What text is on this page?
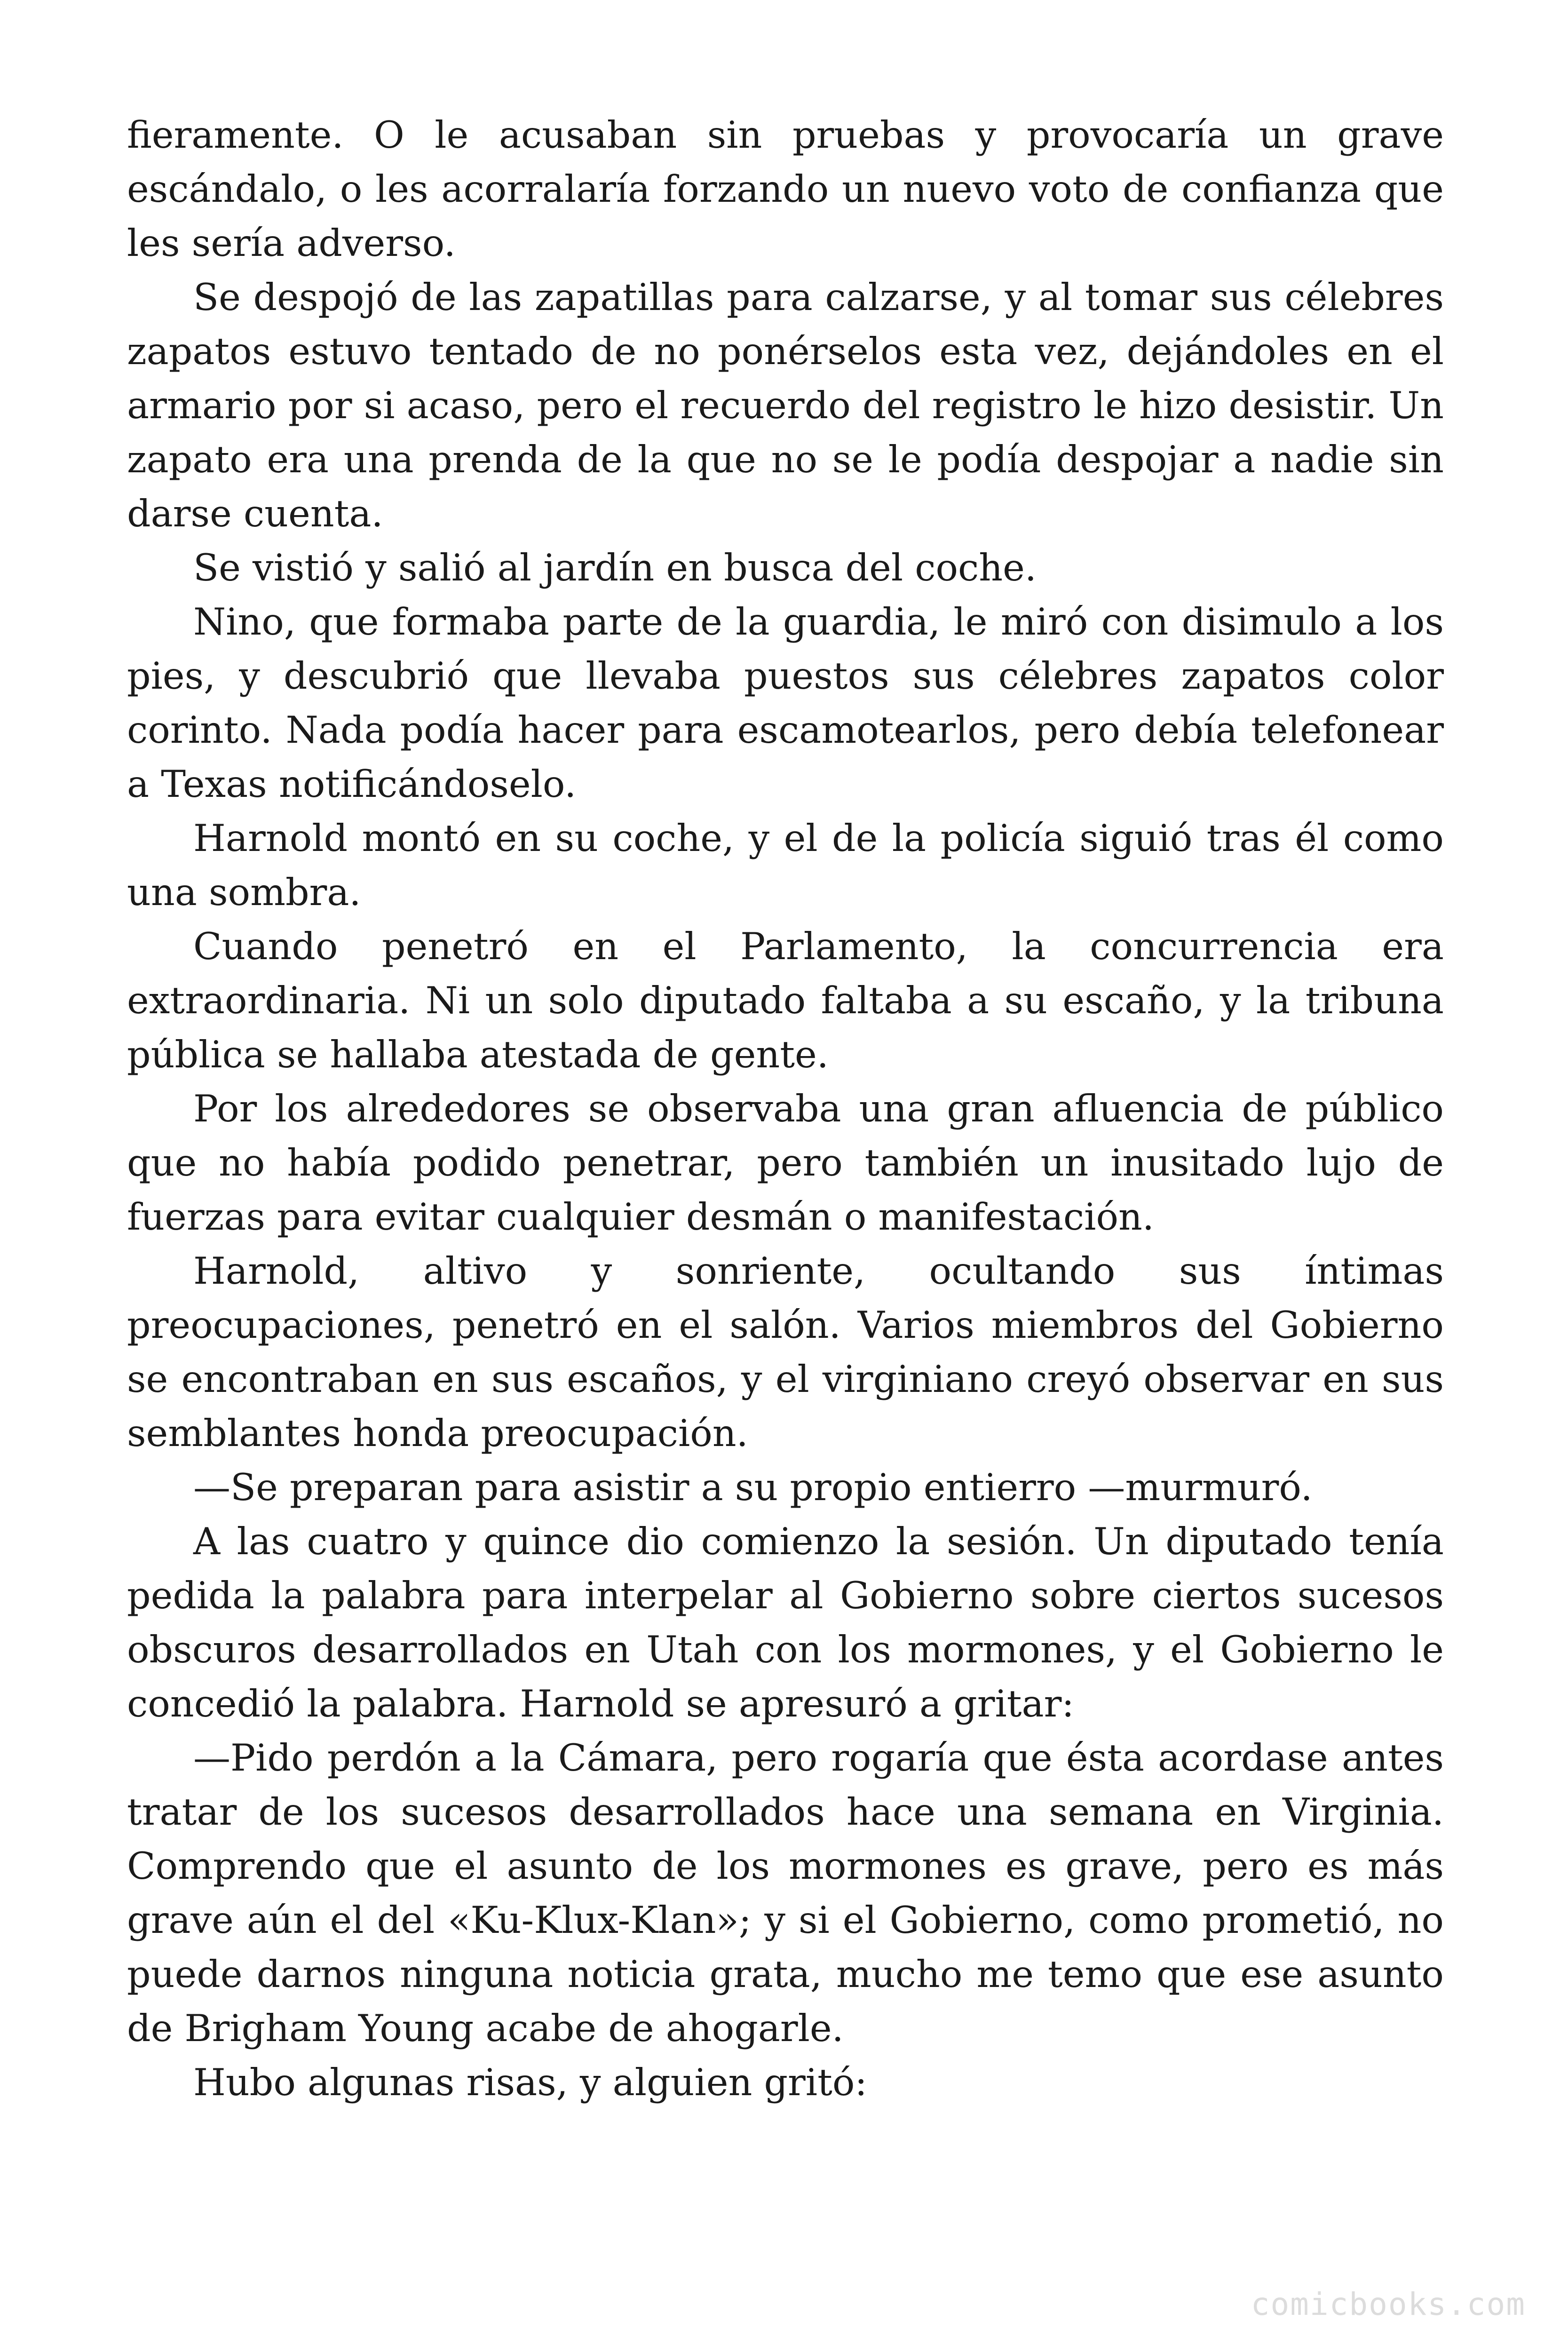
fieramente. O le acusaban sin pruebas y provocaría un grave escándalo, o les acorralaría forzando un nuevo voto de confianza que les sería adverso.

Se despojó de las zapatillas para calzarse, y al tomar sus célebres zapatos estuvo tentado de no ponérselos esta vez, dejándoles en el armario por si acaso, pero el recuerdo del registro le hizo desistir. Un zapato era una prenda de la que no se le podía despojar a nadie sin darse cuenta.

Se vistió y salió al jardín en busca del coche.

Nino, que formaba parte de la guardia, le miró con disimulo a los pies, y descubrió que llevaba puestos sus célebres zapatos color corinto. Nada podía hacer para escamotearlos, pero debía telefonear a Texas notificándoselo.

Harnold montó en su coche, y el de la policía siguió tras él como una sombra.

Cuando penetró en el Parlamento, la concurrencia era extraordinaria. Ni un solo diputado faltaba a su escaño, y la tribuna pública se hallaba atestada de gente.

Por los alrededores se observaba una gran afluencia de público que no había podido penetrar, pero también un inusitado lujo de fuerzas para evitar cualquier desmán o manifestación.

Harnold, altivo y sonriente, ocultando sus íntimas preocupaciones, penetró en el salón. Varios miembros del Gobierno se encontraban en sus escaños, y el virginiano creyó observar en sus semblantes honda preocupación.

—Se preparan para asistir a su propio entierro —murmuró.

A las cuatro y quince dio comienzo la sesión. Un diputado tenía pedida la palabra para interpelar al Gobierno sobre ciertos sucesos obscuros desarrollados en Utah con los mormones, y el Gobierno le concedió la palabra. Harnold se apresuró a gritar:

—Pido perdón a la Cámara, pero rogaría que ésta acordase antes tratar de los sucesos desarrollados hace una semana en Virginia. Comprendo que el asunto de los mormones es grave, pero es más grave aún el del «Ku-Klux-Klan»; y si el Gobierno, como prometió, no puede darnos ninguna noticia grata, mucho me temo que ese asunto de Brigham Young acabe de ahogarle.

Hubo algunas risas, y alguien gritó:

comicbooks.com
